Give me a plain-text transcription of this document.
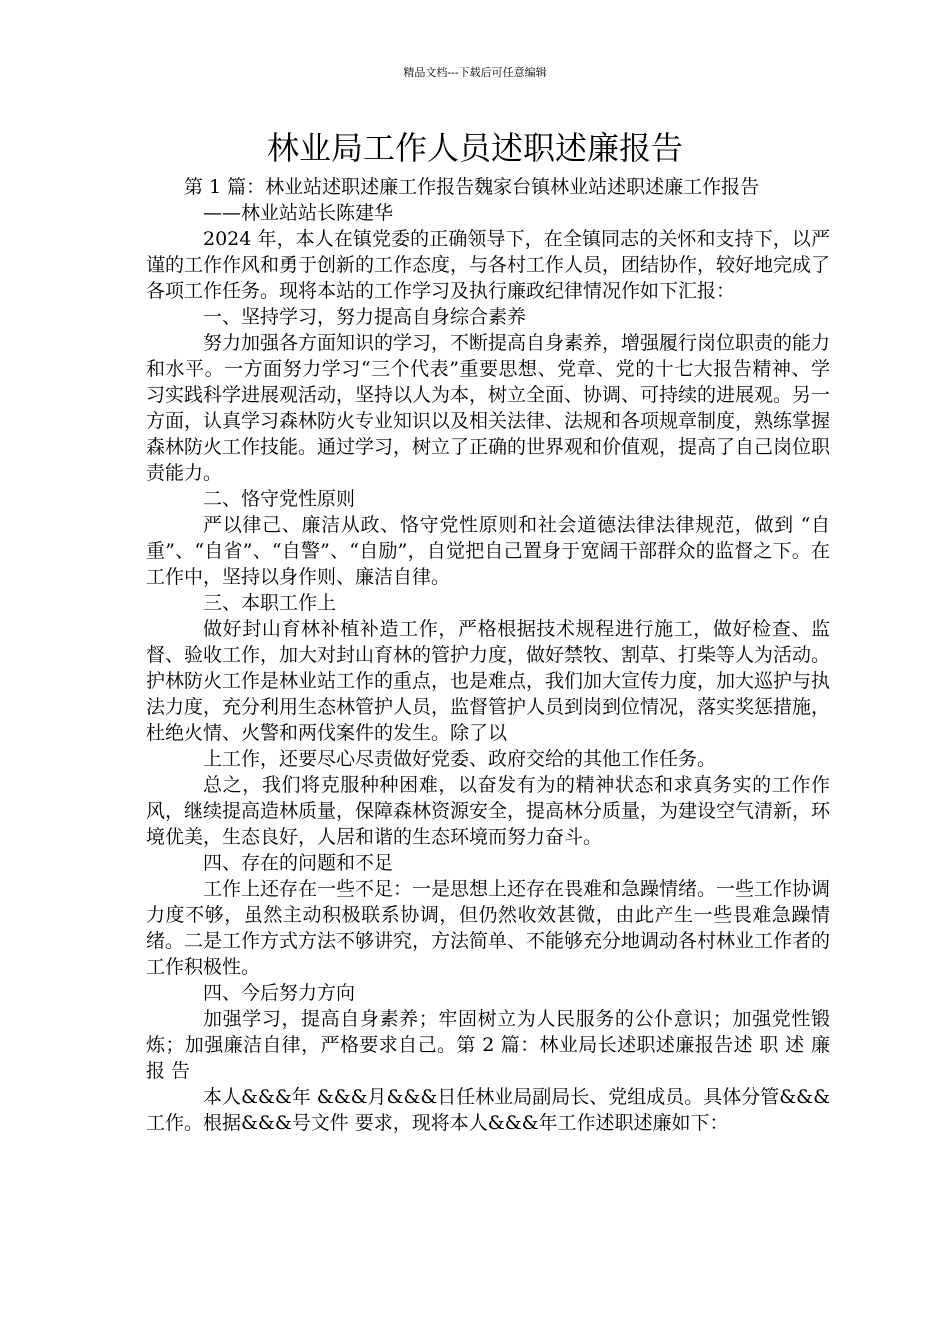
精品文档---下载后可任意编辑
林业局工作人员述职述廉报告

第 1 篇：林业站述职述廉工作报告魏家台镇林业站述职述廉工作报告

——林业站站长陈建华

2024 年，本人在镇党委的正确领导下，在全镇同志的关怀和支持下，以严谨的工作作风和勇于创新的工作态度，与各村工作人员，团结协作，较好地完成了各项工作任务。现将本站的工作学习及执行廉政纪律情况作如下汇报：

一、坚持学习，努力提高自身综合素养

努力加强各方面知识的学习，不断提高自身素养，增强履行岗位职责的能力和水平。一方面努力学习“三个代表”重要思想、党章、党的十七大报告精神、学习实践科学进展观活动，坚持以人为本，树立全面、协调、可持续的进展观。另一方面，认真学习森林防火专业知识以及相关法律、法规和各项规章制度，熟练掌握森林防火工作技能。通过学习，树立了正确的世界观和价值观，提高了自己岗位职责能力。

二、恪守党性原则

严以律己、廉洁从政、恪守党性原则和社会道德法律法律规范，做到 “自重”、“自省”、“自警”、“自励”，自觉把自己置身于宽阔干部群众的监督之下。在工作中，坚持以身作则、廉洁自律。

三、本职工作上

做好封山育林补植补造工作，严格根据技术规程进行施工，做好检查、监督、验收工作，加大对封山育林的管护力度，做好禁牧、割草、打柴等人为活动。护林防火工作是林业站工作的重点，也是难点，我们加大宣传力度，加大巡护与执法力度，充分利用生态林管护人员，监督管护人员到岗到位情况，落实奖惩措施，杜绝火情、火警和两伐案件的发生。除了以

上工作，还要尽心尽责做好党委、政府交给的其他工作任务。

总之，我们将克服种种困难，以奋发有为的精神状态和求真务实的工作作风，继续提高造林质量，保障森林资源安全，提高林分质量，为建设空气清新，环境优美，生态良好，人居和谐的生态环境而努力奋斗。

四、存在的问题和不足

工作上还存在一些不足：一是思想上还存在畏难和急躁情绪。一些工作协调力度不够，虽然主动积极联系协调，但仍然收效甚微，由此产生一些畏难急躁情绪。二是工作方式方法不够讲究，方法简单、不能够充分地调动各村林业工作者的工作积极性。

四、今后努力方向

加强学习，提高自身素养；牢固树立为人民服务的公仆意识；加强党性锻炼；加强廉洁自律，严格要求自己。第 2 篇：林业局长述职述廉报告述 职 述 廉 报 告

本人&&&年 &&&月&&&日任林业局副局长、党组成员。具体分管&&&工作。根据&&&号文件 要求，现将本人&&&年工作述职述廉如下：
